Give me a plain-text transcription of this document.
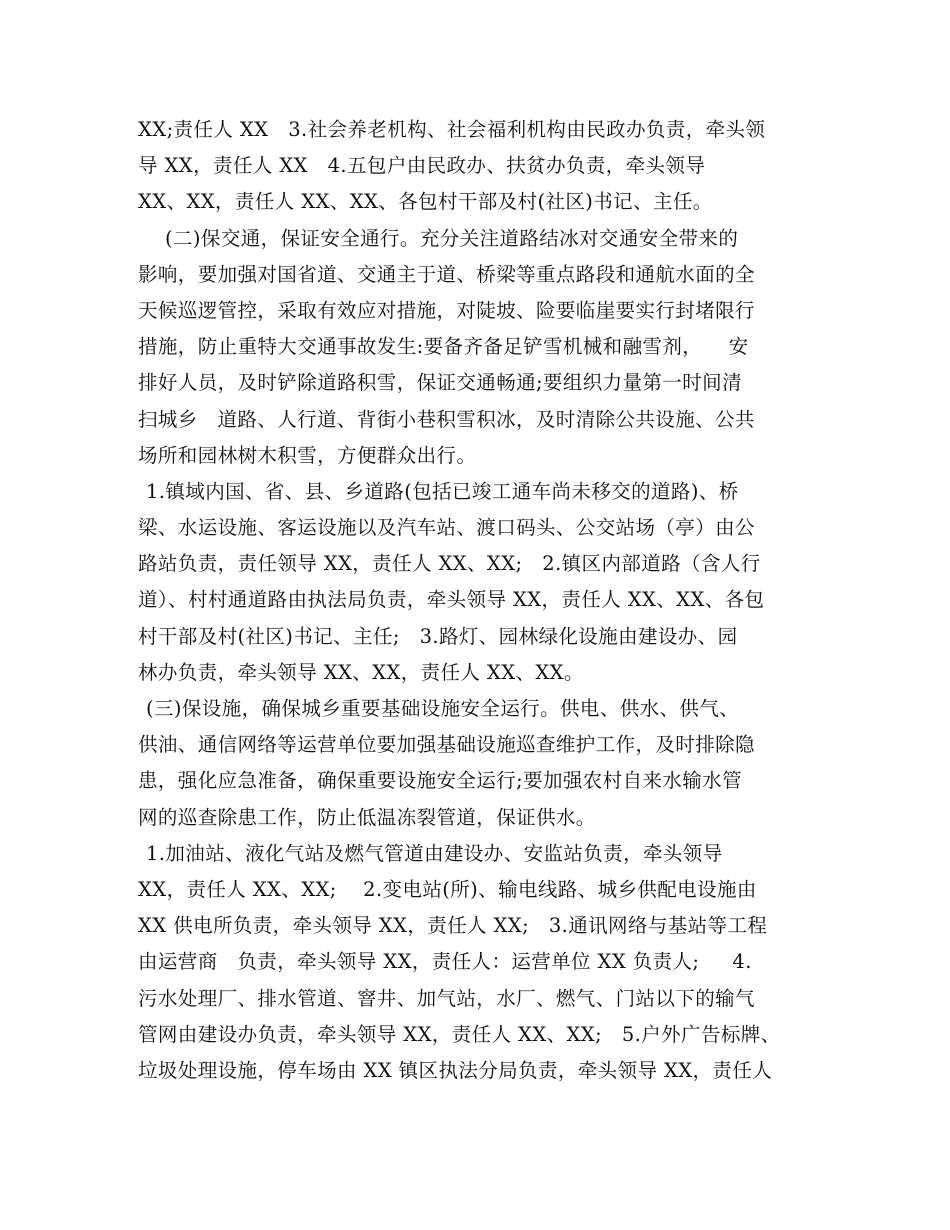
XX;责任人 XX   3.社会养老机构、社会福利机构由民政办负责，牵头领
导 XX，责任人 XX   4.五包户由民政办、扶贫办负责，牵头领导
XX、XX，责任人 XX、XX、各包村干部及村(社区)书记、主任。
(二)保交通，保证安全通行。充分关注道路结冰对交通安全带来的
影响，要加强对国省道、交通主于道、桥梁等重点路段和通航水面的全
天候巡逻管控，采取有效应对措施，对陡坡、险要临崖要实行封堵限行
措施，防止重特大交通事故发生:要备齐备足铲雪机械和融雪剂，    安
排好人员，及时铲除道路积雪，保证交通畅通;要组织力量第一时间清
扫城乡   道路、人行道、背街小巷积雪积冰，及时清除公共设施、公共
场所和园林树木积雪，方便群众出行。
1.镇域内国、省、县、乡道路(包括已竣工通车尚未移交的道路)、桥
梁、水运设施、客运设施以及汽车站、渡口码头、公交站场（亭）由公
路站负责，责任领导 XX，责任人 XX、XX;   2.镇区内部道路（含人行
道）、村村通道路由执法局负责，牵头领导 XX，责任人 XX、XX、各包
村干部及村(社区)书记、主任;   3.路灯、园林绿化设施由建设办、园
林办负责，牵头领导 XX、XX，责任人 XX、XX。
(三)保设施，确保城乡重要基础设施安全运行。供电、供水、供气、
供油、通信网络等运营单位要加强基础设施巡查维护工作，及时排除隐
患，强化应急准备，确保重要设施安全运行;要加强农村自来水输水管
网的巡查除患工作，防止低温冻裂管道，保证供水。
1.加油站、液化气站及燃气管道由建设办、安监站负责，牵头领导
XX，责任人 XX、XX;    2.变电站(所)、输电线路、城乡供配电设施由
XX 供电所负责，牵头领导 XX，责任人 XX;   3.通讯网络与基站等工程
由运营商   负责，牵头领导 XX，责任人：运营单位 XX 负责人;     4.
污水处理厂、排水管道、窨井、加气站，水厂、燃气、门站以下的输气
管网由建设办负责，牵头领导 XX，责任人 XX、XX;   5.户外广告标牌、
垃圾处理设施，停车场由 XX 镇区执法分局负责，牵头领导 XX，责任人
